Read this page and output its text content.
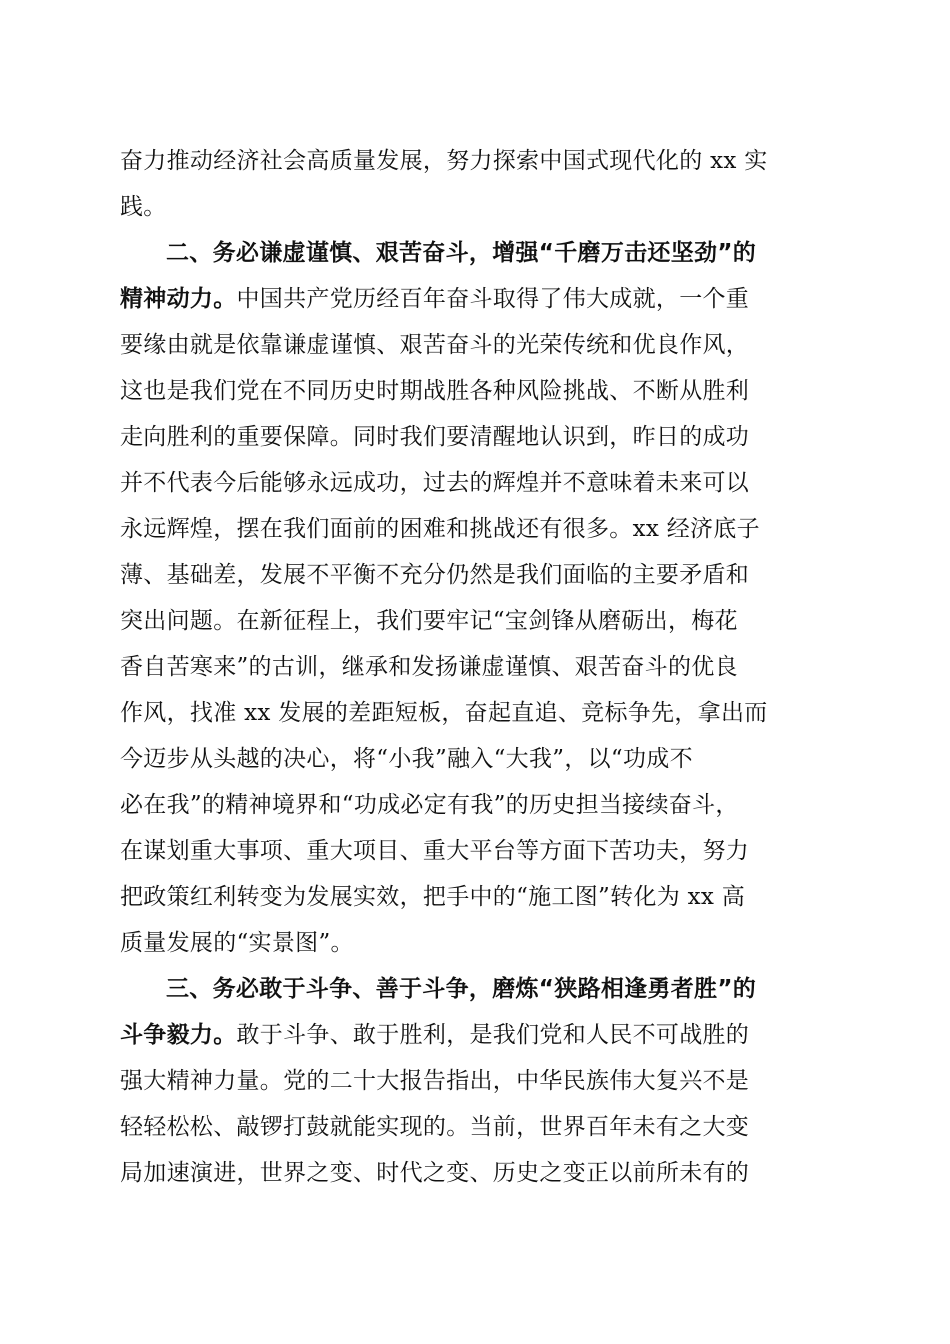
奋力推动经济社会高质量发展，努力探索中国式现代化的 xx 实
践。
二、务必谦虚谨慎、艰苦奋斗，增强“千磨万击还坚劲”的
精神动力。中国共产党历经百年奋斗取得了伟大成就，一个重
要缘由就是依靠谦虚谨慎、艰苦奋斗的光荣传统和优良作风，
这也是我们党在不同历史时期战胜各种风险挑战、不断从胜利
走向胜利的重要保障。同时我们要清醒地认识到，昨日的成功
并不代表今后能够永远成功，过去的辉煌并不意味着未来可以
永远辉煌，摆在我们面前的困难和挑战还有很多。xx 经济底子
薄、基础差，发展不平衡不充分仍然是我们面临的主要矛盾和
突出问题。在新征程上，我们要牢记“宝剑锋从磨砺出，梅花
香自苦寒来”的古训，继承和发扬谦虚谨慎、艰苦奋斗的优良
作风，找准 xx 发展的差距短板，奋起直追、竞标争先，拿出而
今迈步从头越的决心，将“小我”融入“大我”，以“功成不
必在我”的精神境界和“功成必定有我”的历史担当接续奋斗，
在谋划重大事项、重大项目、重大平台等方面下苦功夫，努力
把政策红利转变为发展实效，把手中的“施工图”转化为 xx 高
质量发展的“实景图”。
三、务必敢于斗争、善于斗争，磨炼“狭路相逢勇者胜”的
斗争毅力。敢于斗争、敢于胜利，是我们党和人民不可战胜的
强大精神力量。党的二十大报告指出，中华民族伟大复兴不是
轻轻松松、敲锣打鼓就能实现的。当前，世界百年未有之大变
局加速演进，世界之变、时代之变、历史之变正以前所未有的
